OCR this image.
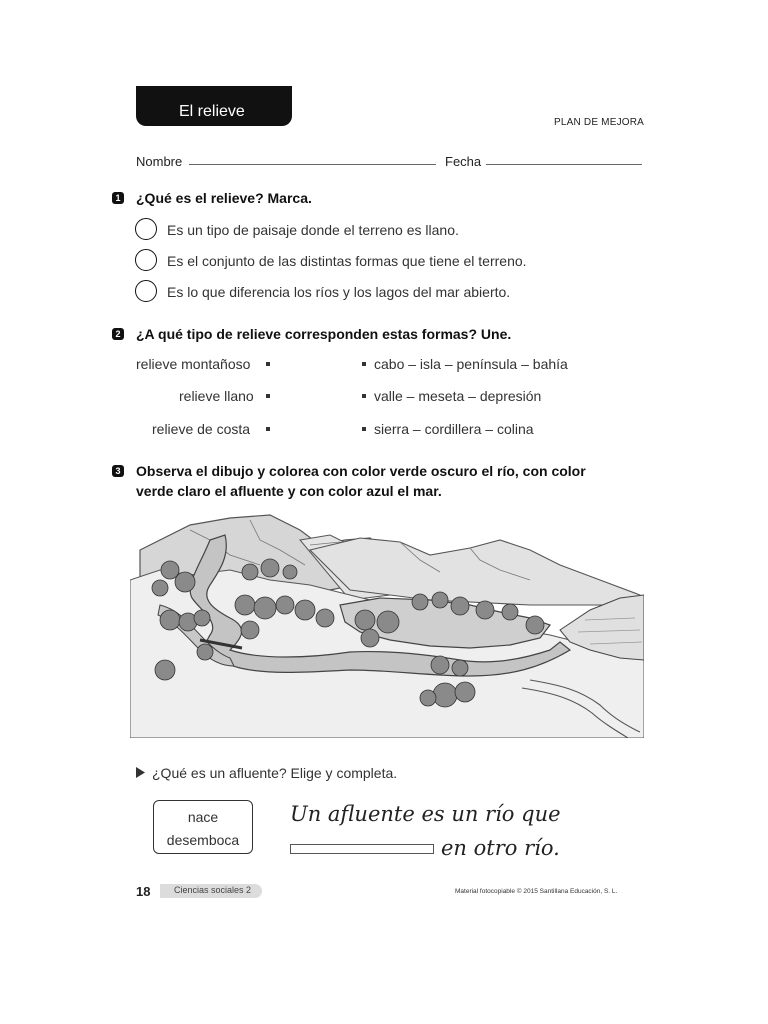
El relieve
PLAN DE MEJORA
Nombre	Fecha
1 ¿Qué es el relieve? Marca.
Es un tipo de paisaje donde el terreno es llano.
Es el conjunto de las distintas formas que tiene el terreno.
Es lo que diferencia los ríos y los lagos del mar abierto.
2 ¿A qué tipo de relieve corresponden estas formas? Une.
relieve montañoso
relieve llano
relieve de costa
cabo – isla – península – bahía
valle – meseta – depresión
sierra – cordillera – colina
3 Observa el dibujo y colorea con color verde oscuro el río, con color
verde claro el afluente y con color azul el mar.
¿Qué es un afluente? Elige y completa.
nace
desemboca
Un afluente es un río que
en otro río.
18	Ciencias sociales 2	Material fotocopiable © 2015 Santillana Educación, S. L.
